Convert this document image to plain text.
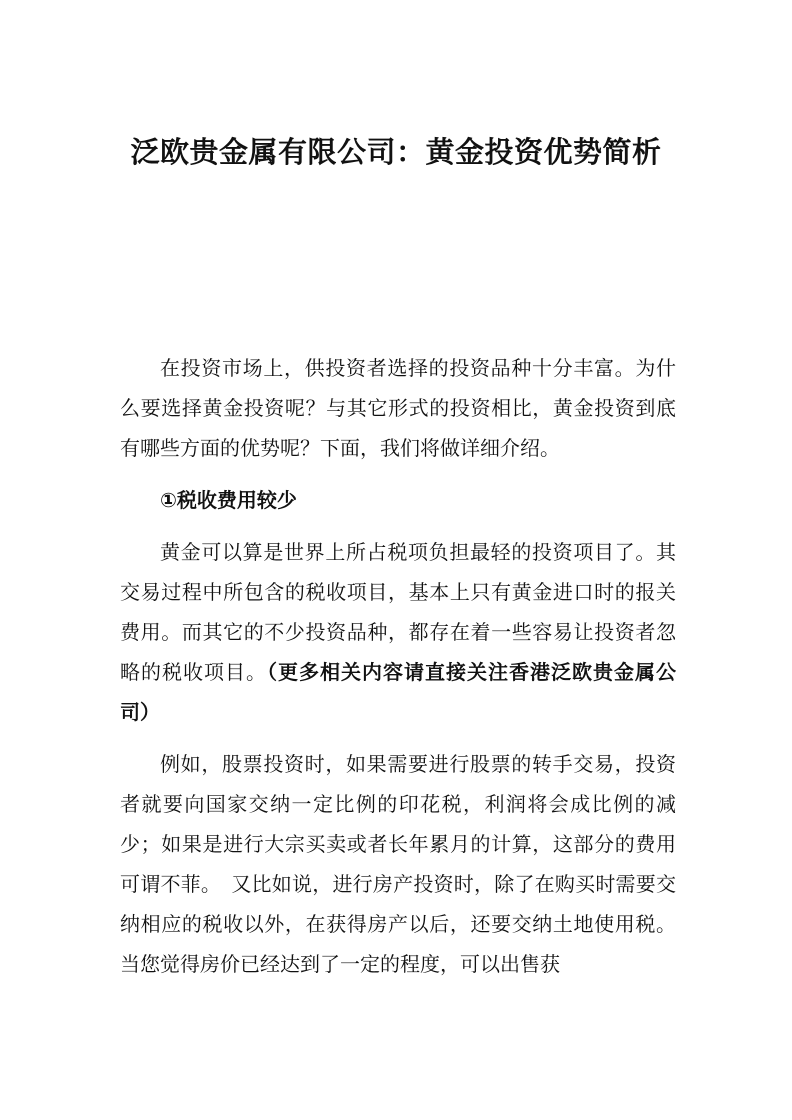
泛欧贵金属有限公司：黄金投资优势简析

在投资市场上，供投资者选择的投资品种十分丰富。为什么要选择黄金投资呢？与其它形式的投资相比，黄金投资到底有哪些方面的优势呢？下面，我们将做详细介绍。

①税收费用较少

黄金可以算是世界上所占税项负担最轻的投资项目了。其交易过程中所包含的税收项目，基本上只有黄金进口时的报关费用。而其它的不少投资品种，都存在着一些容易让投资者忽略的税收项目。（更多相关内容请直接关注香港泛欧贵金属公司）

例如，股票投资时，如果需要进行股票的转手交易，投资者就要向国家交纳一定比例的印花税，利润将会成比例的减少；如果是进行大宗买卖或者长年累月的计算，这部分的费用可谓不菲。　又比如说，进行房产投资时，除了在购买时需要交纳相应的税收以外，在获得房产以后，还要交纳土地使用税。当您觉得房价已经达到了一定的程度，可以出售获
